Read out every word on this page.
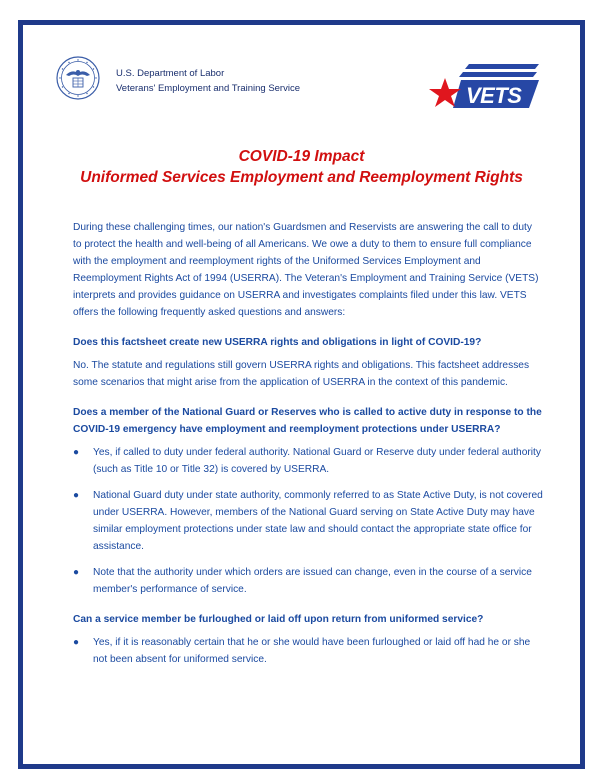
U.S. Department of Labor
Veterans' Employment and Training Service	VETS
COVID-19 Impact
Uniformed Services Employment and Reemployment Rights

During these challenging times, our nation's Guardsmen and Reservists are answering the call to duty to protect the health and well-being of all Americans. We owe a duty to them to ensure full compliance with the employment and reemployment rights of the Uniformed Services Employment and Reemployment Rights Act of 1994 (USERRA). The Veteran's Employment and Training Service (VETS) interprets and provides guidance on USERRA and investigates complaints filed under this law. VETS offers the following frequently asked questions and answers:

Does this factsheet create new USERRA rights and obligations in light of COVID-19?

No. The statute and regulations still govern USERRA rights and obligations. This factsheet addresses some scenarios that might arise from the application of USERRA in the context of this pandemic.

Does a member of the National Guard or Reserves who is called to active duty in response to the COVID-19 emergency have employment and reemployment protections under USERRA?

●	Yes, if called to duty under federal authority. National Guard or Reserve duty under federal authority (such as Title 10 or Title 32) is covered by USERRA.
●	National Guard duty under state authority, commonly referred to as State Active Duty, is not covered under USERRA. However, members of the National Guard serving on State Active Duty may have similar employment protections under state law and should contact the appropriate state office for assistance.
●	Note that the authority under which orders are issued can change, even in the course of a service member's performance of service.

Can a service member be furloughed or laid off upon return from uniformed service?

●	Yes, if it is reasonably certain that he or she would have been furloughed or laid off had he or she not been absent for uniformed service.
